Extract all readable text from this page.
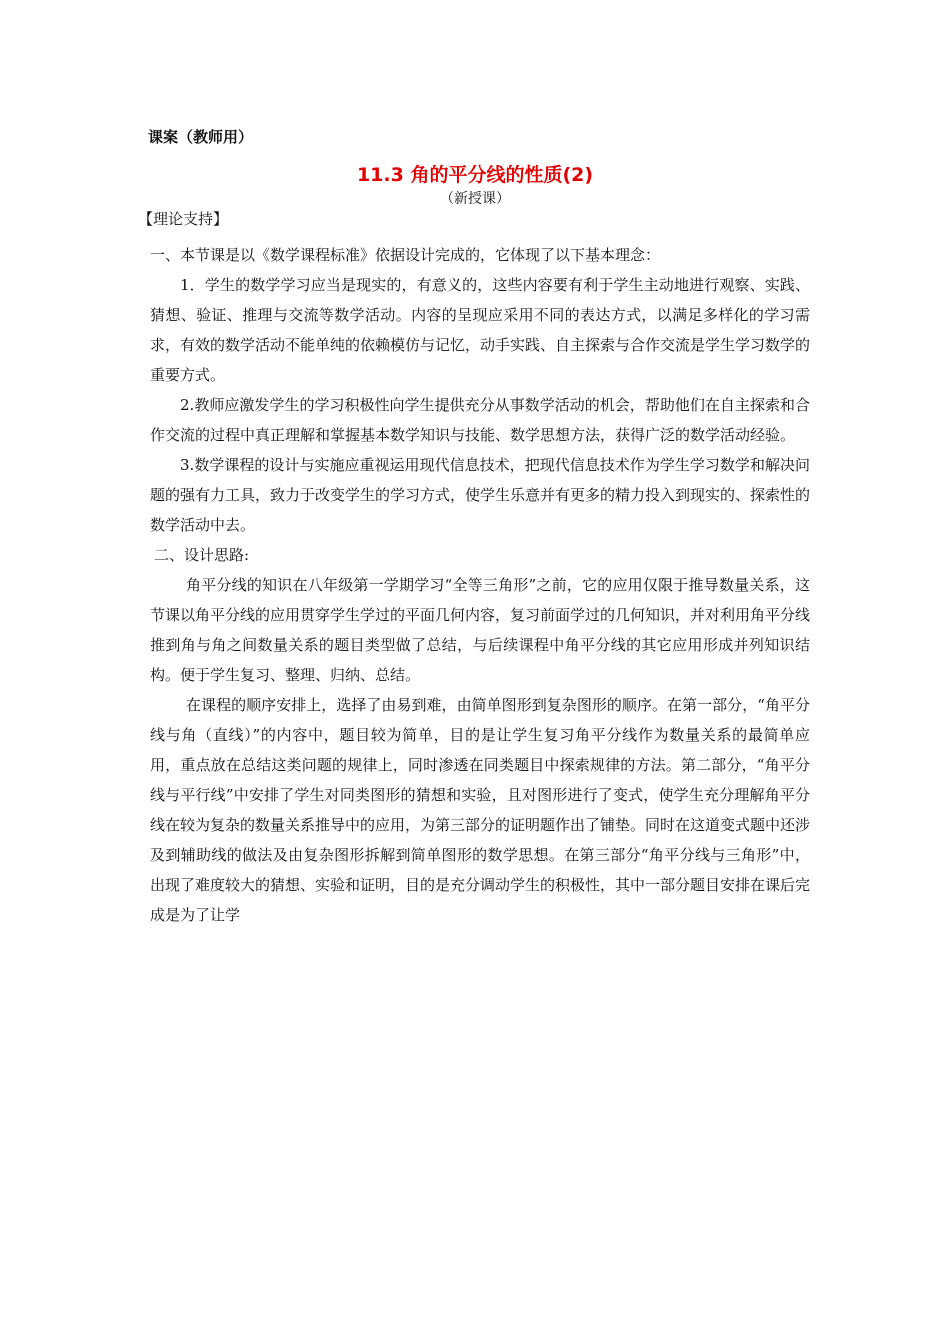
课案（教师用）
11.3 角的平分线的性质(2)
（新授课）
【理论支持】

一、本节课是以《数学课程标准》依据设计完成的，它体现了以下基本理念：

1．学生的数学学习应当是现实的，有意义的，这些内容要有利于学生主动地进行观察、实践、猜想、验证、推理与交流等数学活动。内容的呈现应采用不同的表达方式，以满足多样化的学习需求，有效的数学活动不能单纯的依赖模仿与记忆，动手实践、自主探索与合作交流是学生学习数学的重要方式。

2.教师应激发学生的学习积极性向学生提供充分从事数学活动的机会，帮助他们在自主探索和合作交流的过程中真正理解和掌握基本数学知识与技能、数学思想方法，获得广泛的数学活动经验。

3.数学课程的设计与实施应重视运用现代信息技术，把现代信息技术作为学生学习数学和解决问题的强有力工具，致力于改变学生的学习方式，使学生乐意并有更多的精力投入到现实的、探索性的数学活动中去。

二、设计思路:

角平分线的知识在八年级第一学期学习“全等三角形”之前，它的应用仅限于推导数量关系，这节课以角平分线的应用贯穿学生学过的平面几何内容，复习前面学过的几何知识，并对利用角平分线推到角与角之间数量关系的题目类型做了总结，与后续课程中角平分线的其它应用形成并列知识结构。便于学生复习、整理、归纳、总结。

在课程的顺序安排上，选择了由易到难，由简单图形到复杂图形的顺序。在第一部分，“角平分线与角（直线）”的内容中，题目较为简单，目的是让学生复习角平分线作为数量关系的最简单应用，重点放在总结这类问题的规律上，同时渗透在同类题目中探索规律的方法。第二部分，“角平分线与平行线”中安排了学生对同类图形的猜想和实验，且对图形进行了变式，使学生充分理解角平分线在较为复杂的数量关系推导中的应用，为第三部分的证明题作出了铺垫。同时在这道变式题中还涉及到辅助线的做法及由复杂图形拆解到简单图形的数学思想。在第三部分“角平分线与三角形”中，出现了难度较大的猜想、实验和证明，目的是充分调动学生的积极性，其中一部分题目安排在课后完成是为了让学
